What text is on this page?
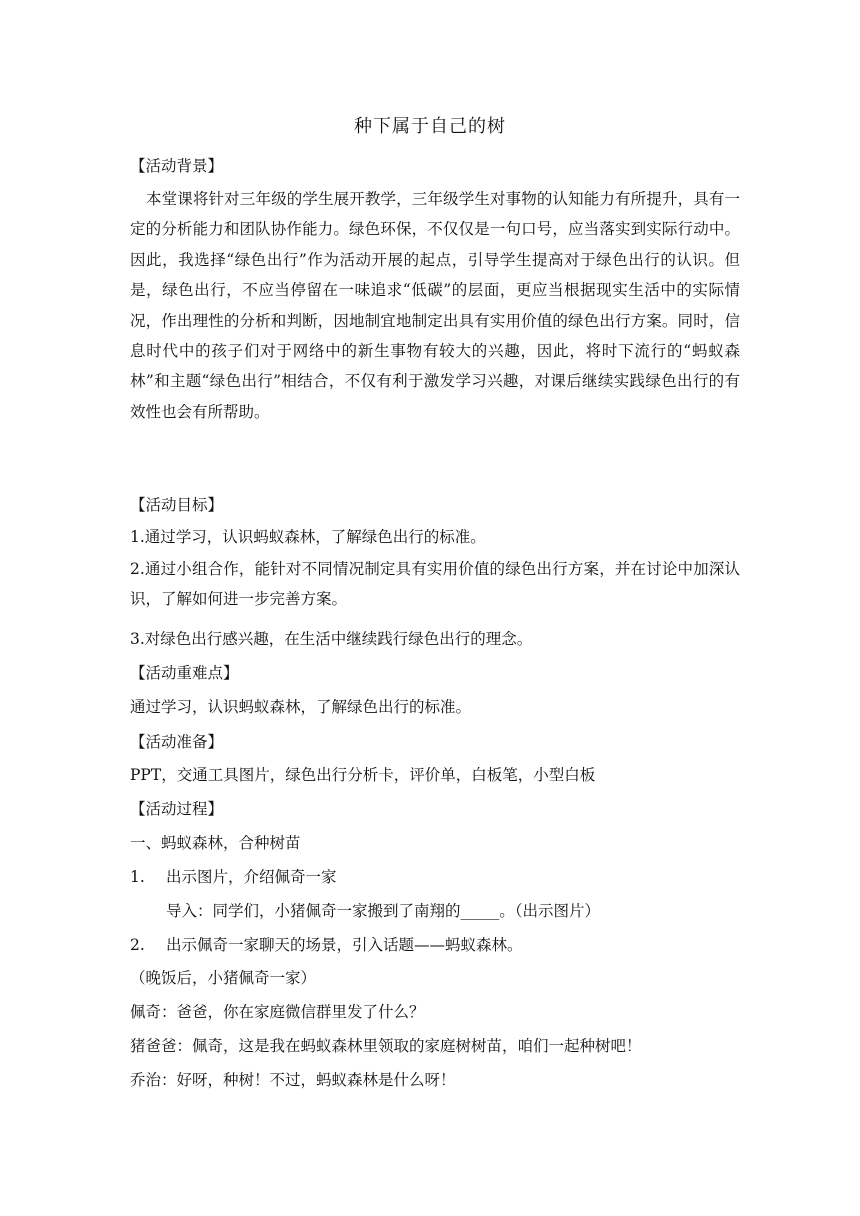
种下属于自己的树
【活动背景】
本堂课将针对三年级的学生展开教学，三年级学生对事物的认知能力有所提升，具有一定的分析能力和团队协作能力。绿色环保，不仅仅是一句口号，应当落实到实际行动中。因此，我选择“绿色出行”作为活动开展的起点，引导学生提高对于绿色出行的认识。但是，绿色出行，不应当停留在一味追求“低碳”的层面，更应当根据现实生活中的实际情况，作出理性的分析和判断，因地制宜地制定出具有实用价值的绿色出行方案。同时，信息时代中的孩子们对于网络中的新生事物有较大的兴趣，因此，将时下流行的“蚂蚁森林”和主题“绿色出行”相结合，不仅有利于激发学习兴趣，对课后继续实践绿色出行的有效性也会有所帮助。
【活动目标】
1.通过学习，认识蚂蚁森林，了解绿色出行的标准。
2.通过小组合作，能针对不同情况制定具有实用价值的绿色出行方案，并在讨论中加深认识，了解如何进一步完善方案。
3.对绿色出行感兴趣，在生活中继续践行绿色出行的理念。
【活动重难点】
通过学习，认识蚂蚁森林，了解绿色出行的标准。
【活动准备】
PPT，交通工具图片，绿色出行分析卡，评价单，白板笔，小型白板
【活动过程】
一、蚂蚁森林，合种树苗
1. 出示图片，介绍佩奇一家
导入：同学们，小猪佩奇一家搬到了南翔的_____。（出示图片）
2. 出示佩奇一家聊天的场景，引入话题——蚂蚁森林。
（晚饭后，小猪佩奇一家）
佩奇：爸爸，你在家庭微信群里发了什么？
猪爸爸：佩奇，这是我在蚂蚁森林里领取的家庭树树苗，咱们一起种树吧！
乔治：好呀，种树！不过，蚂蚁森林是什么呀！
